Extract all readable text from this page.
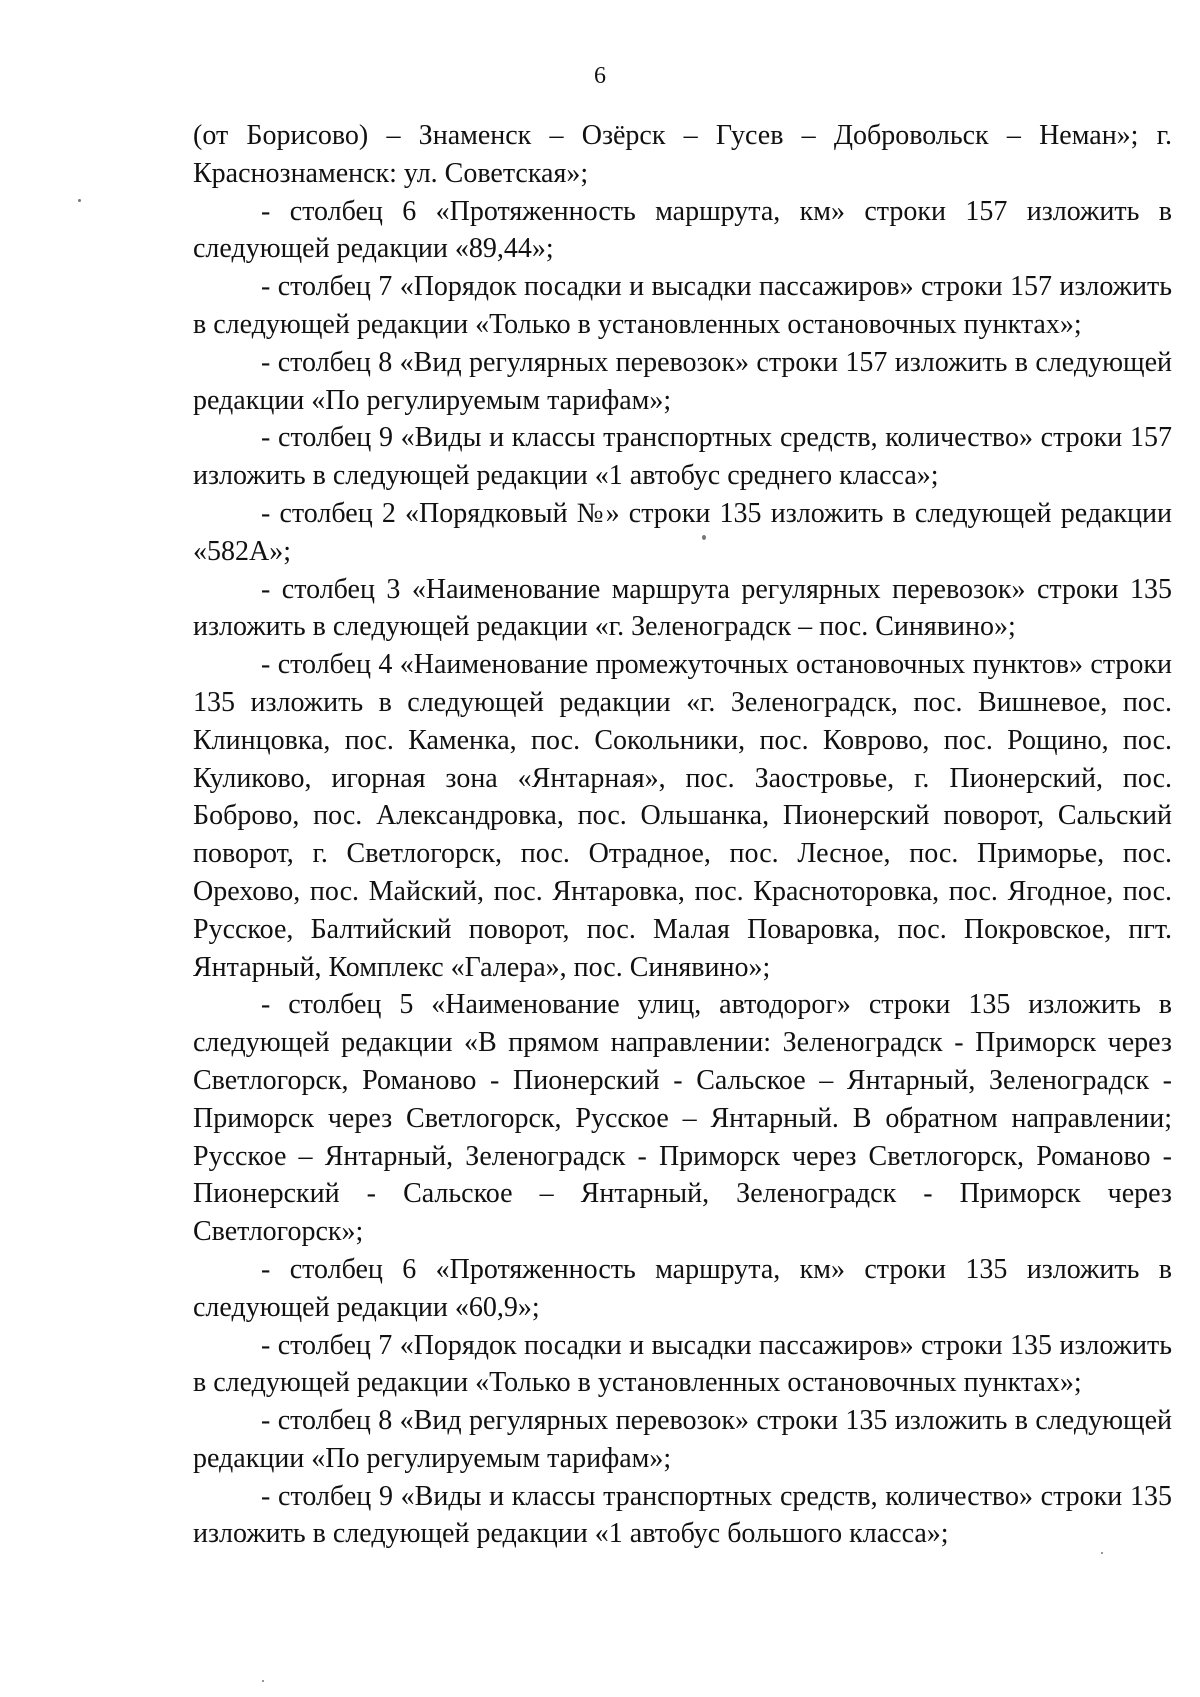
6

(от Борисово) – Знаменск – Озёрск – Гусев – Добровольск – Неман»; г. Краснознаменск: ул. Советская»;

- столбец 6 «Протяженность маршрута, км» строки 157 изложить в следующей редакции «89,44»;

- столбец 7 «Порядок посадки и высадки пассажиров» строки 157 изложить в следующей редакции «Только в установленных остановочных пунктах»;

- столбец 8 «Вид регулярных перевозок» строки 157 изложить в следующей редакции «По регулируемым тарифам»;

- столбец 9 «Виды и классы транспортных средств, количество» строки 157 изложить в следующей редакции «1 автобус среднего класса»;

- столбец 2 «Порядковый №» строки 135 изложить в следующей редакции «582А»;

- столбец 3 «Наименование маршрута регулярных перевозок» строки 135 изложить в следующей редакции «г. Зеленоградск – пос. Синявино»;

- столбец 4 «Наименование промежуточных остановочных пунктов» строки 135 изложить в следующей редакции «г. Зеленоградск, пос. Вишневое, пос. Клинцовка, пос. Каменка, пос. Сокольники, пос. Коврово, пос. Рощино, пос. Куликово, игорная зона «Янтарная», пос. Заостровье, г. Пионерский, пос. Боброво, пос. Александровка, пос. Ольшанка, Пионерский поворот, Сальский поворот, г. Светлогорск, пос. Отрадное, пос. Лесное, пос. Приморье, пос. Орехово, пос. Майский, пос. Янтаровка, пос. Красноторовка, пос. Ягодное, пос. Русское, Балтийский поворот, пос. Малая Поваровка, пос. Покровское, пгт. Янтарный, Комплекс «Галера», пос. Синявино»;

- столбец 5 «Наименование улиц, автодорог» строки 135 изложить в следующей редакции «В прямом направлении: Зеленоградск - Приморск через Светлогорск, Романово - Пионерский - Сальское – Янтарный, Зеленоградск - Приморск через Светлогорск, Русское – Янтарный. В обратном направлении; Русское – Янтарный, Зеленоградск - Приморск через Светлогорск, Романово - Пионерский - Сальское – Янтарный, Зеленоградск - Приморск через Светлогорск»;

- столбец 6 «Протяженность маршрута, км» строки 135 изложить в следующей редакции «60,9»;

- столбец 7 «Порядок посадки и высадки пассажиров» строки 135 изложить в следующей редакции «Только в установленных остановочных пунктах»;

- столбец 8 «Вид регулярных перевозок» строки 135 изложить в следующей редакции «По регулируемым тарифам»;

- столбец 9 «Виды и классы транспортных средств, количество» строки 135 изложить в следующей редакции «1 автобус большого класса»;
